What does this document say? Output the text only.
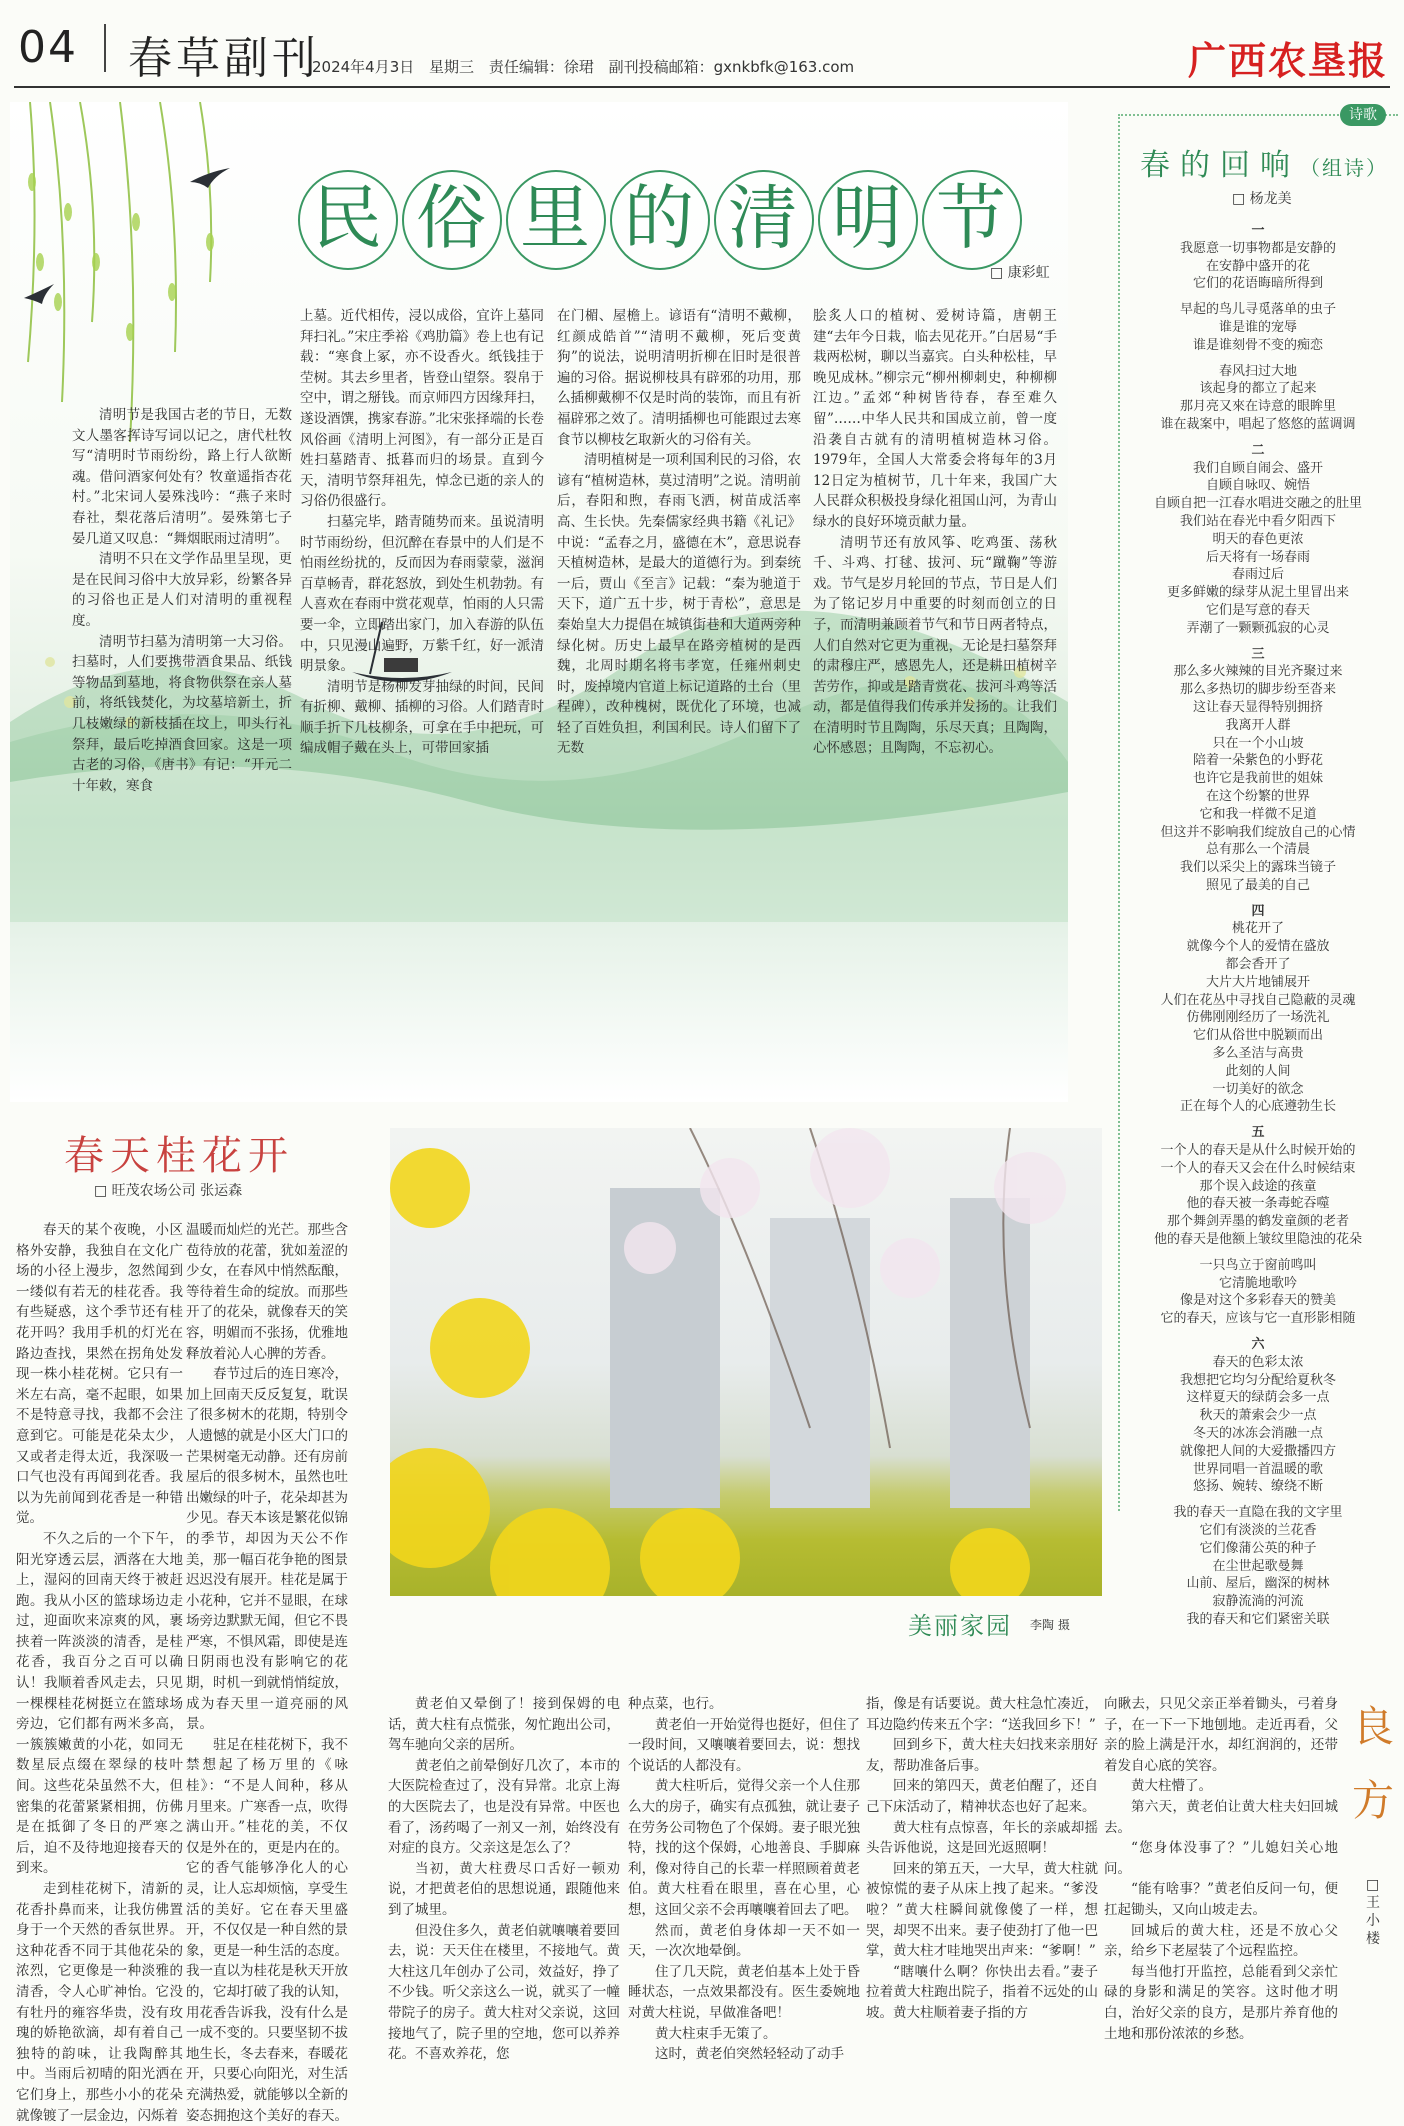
04 春草副刊
2024年4月3日 星期三 责任编辑：徐珺 副刊投稿邮箱：gxnkbfk@163.com	广西农垦报
民 俗 里 的 清 明 节
□ 康彩虹

清明节是我国古老的节日，无数文人墨客挥诗写词以记之，唐代杜牧写“清明时节雨纷纷，路上行人欲断魂。借问酒家何处有？牧童遥指杏花村。”北宋词人晏殊浅吟：“燕子来时春社，梨花落后清明”。晏殊第七子晏几道又叹息：“舞烟眠雨过清明”。

清明不只在文学作品里呈现，更是在民间习俗中大放异彩，纷繁各异的习俗也正是人们对清明的重视程度。

清明节扫墓为清明第一大习俗。扫墓时，人们要携带酒食果品、纸钱等物品到墓地，将食物供祭在亲人墓前，将纸钱焚化，为坟墓培新土，折几枝嫩绿的新枝插在坟上，叩头行礼祭拜，最后吃掉酒食回家。这是一项古老的习俗，《唐书》有记：“开元二十年敕，寒食

上墓。近代相传，浸以成俗，宜许上墓同拜扫礼。”宋庄季裕《鸡肋篇》卷上也有记载：“寒食上冢，亦不设香火。纸钱挂于茔树。其去乡里者，皆登山望祭。裂帛于空中，谓之掰钱。而京师四方因缘拜扫，遂设酒馔，携家春游。”北宋张择端的长卷风俗画《清明上河图》，有一部分正是百姓扫墓踏青、抵暮而归的场景。直到今天，清明节祭拜祖先，悼念已逝的亲人的习俗仍很盛行。

扫墓完毕，踏青随势而来。虽说清明时节雨纷纷，但沉醉在春景中的人们是不怕雨丝纷扰的，反而因为春雨蒙蒙，滋润百草畅青，群花怒放，到处生机勃勃。有人喜欢在春雨中赏花观草，怕雨的人只需要一伞，立即踏出家门，加入春游的队伍中，只见漫山遍野，万紫千红，好一派清明景象。

清明节是杨柳发芽抽绿的时间，民间有折柳、戴柳、插柳的习俗。人们踏青时顺手折下几枝柳条，可拿在手中把玩，可编成帽子戴在头上，可带回家插

在门楣、屋檐上。谚语有“清明不戴柳，红颜成皓首”“清明不戴柳，死后变黄狗”的说法，说明清明折柳在旧时是很普遍的习俗。据说柳枝具有辟邪的功用，那么插柳戴柳不仅是时尚的装饰，而且有祈福辟邪之效了。清明插柳也可能跟过去寒食节以柳枝乞取新火的习俗有关。

清明植树是一项利国利民的习俗，农谚有“植树造林，莫过清明”之说。清明前后，春阳和煦，春雨飞洒，树苗成活率高、生长快。先秦儒家经典书籍《礼记》中说：“孟春之月，盛德在木”，意思说春天植树造林，是最大的道德行为。到秦统一后，贾山《至言》记载：“秦为驰道于天下，道广五十步，树于青松”，意思是秦始皇大力提倡在城镇街巷和大道两旁种绿化树。历史上最早在路旁植树的是西魏，北周时期名将韦孝宽，任雍州刺史时，废掉境内官道上标记道路的土台（里程碑），改种槐树，既优化了环境，也减轻了百姓负担，利国利民。诗人们留下了无数

脍炙人口的植树、爱树诗篇，唐朝王建“去年今日栽，临去见花开。”白居易“手栽两松树，聊以当嘉宾。白头种松桂，早晚见成林。”柳宗元“柳州柳刺史，种柳柳江边。”孟郊“种树皆待春，春至难久留”……中华人民共和国成立前，曾一度沿袭自古就有的清明植树造林习俗。1979年，全国人大常委会将每年的3月12日定为植树节，几十年来，我国广大人民群众积极投身绿化祖国山河，为青山绿水的良好环境贡献力量。

清明节还有放风筝、吃鸡蛋、荡秋千、斗鸡、打毬、拔河、玩“蹴鞠”等游戏。节气是岁月轮回的节点，节日是人们为了铭记岁月中重要的时刻而创立的日子，而清明兼顾着节气和节日两者特点，人们自然对它更为重视，无论是扫墓祭拜的肃穆庄严，感恩先人，还是耕田植树辛苦劳作，抑或是踏青赏花、拔河斗鸡等活动，都是值得我们传承并发扬的。让我们在清明时节且陶陶，乐尽天真；且陶陶，心怀感恩；且陶陶，不忘初心。

诗歌
春的回响（组诗）
□ 杨龙美
一

我愿意一切事物都是安静的

在安静中盛开的花

它们的花语晦暗所得到

早起的鸟儿寻觅落单的虫子

谁是谁的宠辱

谁是谁刻骨不变的痴恋

春风扫过大地

该起身的都立了起来

那月亮又來在诗意的眼眸里

谁在裁案中，唱起了悠悠的蓝调调

二

我们自顾自闹会、盛开

自顾自咏叹、婉悟

自顾自把一江春水唱进交融之的肚里

我们站在春光中看夕阳西下

明天的春色更浓

后天将有一场春雨

春雨过后

更多鲜嫩的绿芽从泥土里冒出来

它们是写意的春天

弄潮了一颗颗孤寂的心灵

三

那么多火辣辣的目光齐聚过来

那么多热切的脚步纷至沓来

这让春天显得特别拥挤

我离开人群

只在一个小山坡

陪着一朵紫色的小野花

也许它是我前世的姐妹

在这个纷繁的世界

它和我一样微不足道

但这并不影响我们绽放自己的心情

总有那么一个清晨

我们以采尖上的露珠当镜子

照见了最美的自己

四

桃花开了

就像今个人的爱情在盛放

都会香开了

大片大片地铺展开

人们在花丛中寻找自己隐蔽的灵魂

仿佛刚刚经历了一场洗礼

它们从俗世中脱颖而出

多么圣洁与高贵

此刻的人间

一切美好的欲念

正在每个人的心底遵勃生长

五

一个人的春天是从什么时候开始的

一个人的春天又会在什么时候结束

那个误入歧途的孩童

他的春天被一条毒蛇吞噬

那个舞剑弄墨的鹤发童颜的老者

他的春天是他额上皱纹里隐浊的花朵

一只鸟立于窗前鸣叫

它清脆地歌吟

像是对这个多彩春天的赞美

它的春天，应该与它一直形影相随

六

春天的色彩太浓

我想把它均匀分配给夏秋冬

这样夏天的绿荫会多一点

秋天的萧索会少一点

冬天的冰冻会消融一点

就像把人间的大爱撒播四方

世界同唱一首温暖的歌

悠扬、婉转、缭绕不断

我的春天一直隐在我的文字里

它们有淡淡的兰花香

它们像蒲公英的种子

在尘世起歌曼舞

山前、屋后，幽深的树林

寂静流淌的河流

我的春天和它们紧密关联

春天桂花开
□ 旺茂农场公司 张运森

春天的某个夜晚，小区格外安静，我独自在文化广场的小径上漫步，忽然闻到一缕似有若无的桂花香。我有些疑惑，这个季节还有桂花开吗？我用手机的灯光在路边查找，果然在拐角处发现一株小桂花树。它只有一米左右高，毫不起眼，如果不是特意寻找，我都不会注意到它。可能是花朵太少，又或者走得太近，我深吸一口气也没有再闻到花香。我以为先前闻到花香是一种错觉。

不久之后的一个下午，阳光穿透云层，洒落在大地上，湿闷的回南天终于被赶跑。我从小区的篮球场边走过，迎面吹来凉爽的风，裹挟着一阵淡淡的清香，是桂花香，我百分之百可以确认！我顺着香风走去，只见一棵棵桂花树挺立在篮球场旁边，它们都有两米多高，一簇簇嫩黄的小花，如同无数星辰点缀在翠绿的枝叶间。这些花朵虽然不大，但密集的花蕾紧紧相拥，仿佛是在抵御了冬日的严寒之后，迫不及待地迎接春天的到来。

走到桂花树下，清新的花香扑鼻而来，让我仿佛置身于一个天然的香氛世界。这种花香不同于其他花朵的浓烈，它更像是一种淡雅的清香，令人心旷神怡。它没有牡丹的雍容华贵，没有玫瑰的娇艳欲滴，却有着自己独特的韵味，让我陶醉其中。当雨后初晴的阳光洒在它们身上，那些小小的花朵就像镀了一层金边，闪烁着

温暖而灿烂的光芒。那些含苞待放的花蕾，犹如羞涩的少女，在春风中悄然酝酿，等待着生命的绽放。而那些开了的花朵，就像春天的笑容，明媚而不张扬，优雅地释放着沁人心脾的芳香。

春节过后的连日寒冷，加上回南天反反复复，耽误了很多树木的花期，特别令人遗憾的就是小区大门口的芒果树毫无动静。还有房前屋后的很多树木，虽然也吐出嫩绿的叶子，花朵却甚为少见。春天本该是繁花似锦的季节，却因为天公不作美，那一幅百花争艳的图景迟迟没有展开。桂花是属于小花种，它并不显眼，在球场旁边默默无闻，但它不畏严寒，不惧风霜，即使是连日阴雨也没有影响它的花期，时机一到就悄悄绽放，成为春天里一道亮丽的风景。

驻足在桂花树下，我不禁想起了杨万里的《咏桂》：“不是人间种，移从月里来。广寒香一点，吹得满山开。”桂花的美，不仅仅是外在的，更是内在的。它的香气能够净化人的心灵，让人忘却烦恼，享受生活的美好。它在春天里盛开，不仅仅是一种自然的景象，更是一种生活的态度。我一直以为桂花是秋天开放的，它却打破了我的认知，用花香告诉我，没有什么是一成不变的。只要坚韧不拔地生长，冬去春来，春暖花开，只要心向阳光，对生活充满热爱，就能够以全新的姿态拥抱这个美好的春天。

美丽家园 李陶 摄
良
方
□ 王小楼

黄老伯又晕倒了！接到保姆的电话，黄大柱有点慌张，匆忙跑出公司，驾车驰向父亲的居所。

黄老伯之前晕倒好几次了，本市的大医院检查过了，没有异常。北京上海的大医院去了，也是没有异常。中医也看了，汤药喝了一剂又一剂，始终没有对症的良方。父亲这是怎么了？

当初，黄大柱费尽口舌好一顿劝说，才把黄老伯的思想说通，跟随他来到了城里。

但没住多久，黄老伯就嚷嚷着要回去，说：天天住在楼里，不接地气。黄大柱这几年创办了公司，效益好，挣了不少钱。听父亲这么一说，就买了一幢带院子的房子。黄大柱对父亲说，这回接地气了，院子里的空地，您可以养养花。不喜欢养花，您

种点菜，也行。

黄老伯一开始觉得也挺好，但住了一段时间，又嚷嚷着要回去，说：想找个说话的人都没有。

黄大柱听后，觉得父亲一个人住那么大的房子，确实有点孤独，就让妻子在劳务公司物色了个保姆。妻子眼光独特，找的这个保姆，心地善良、手脚麻利，像对待自己的长辈一样照顾着黄老伯。黄大柱看在眼里，喜在心里，心想，这回父亲不会再嚷嚷着回去了吧。

然而，黄老伯身体却一天不如一天，一次次地晕倒。

住了几天院，黄老伯基本上处于昏睡状态，一点效果都没有。医生委婉地对黄大柱说，早做准备吧！

黄大柱束手无策了。

这时，黄老伯突然轻轻动了动手

指，像是有话要说。黄大柱急忙凑近，耳边隐约传来五个字：“送我回乡下！”

回到乡下，黄大柱夫妇找来亲朋好友，帮助准备后事。

回来的第四天，黄老伯醒了，还自己下床活动了，精神状态也好了起来。

黄大柱有点惊喜，年长的亲戚却摇头告诉他说，这是回光返照啊！

回来的第五天，一大早，黄大柱就被惊慌的妻子从床上拽了起来。“爹没啦？”黄大柱瞬间就像傻了一样，想哭，却哭不出来。妻子使劲打了他一巴掌，黄大柱才哇地哭出声来：“爹啊！”

“瞎嚷什么啊？你快出去看。”妻子拉着黄大柱跑出院子，指着不远处的山坡。黄大柱顺着妻子指的方

向瞅去，只见父亲正举着锄头，弓着身子，在一下一下地刨地。走近再看，父亲的脸上满是汗水，却红润润的，还带着发自心底的笑容。

黄大柱懵了。

第六天，黄老伯让黄大柱夫妇回城去。

“您身体没事了？”儿媳妇关心地问。

“能有啥事？”黄老伯反问一句，便扛起锄头，又向山坡走去。

回城后的黄大柱，还是不放心父亲，给乡下老屋装了个远程监控。

每当他打开监控，总能看到父亲忙碌的身影和满足的笑容。这时他才明白，治好父亲的良方，是那片养育他的土地和那份浓浓的乡愁。
